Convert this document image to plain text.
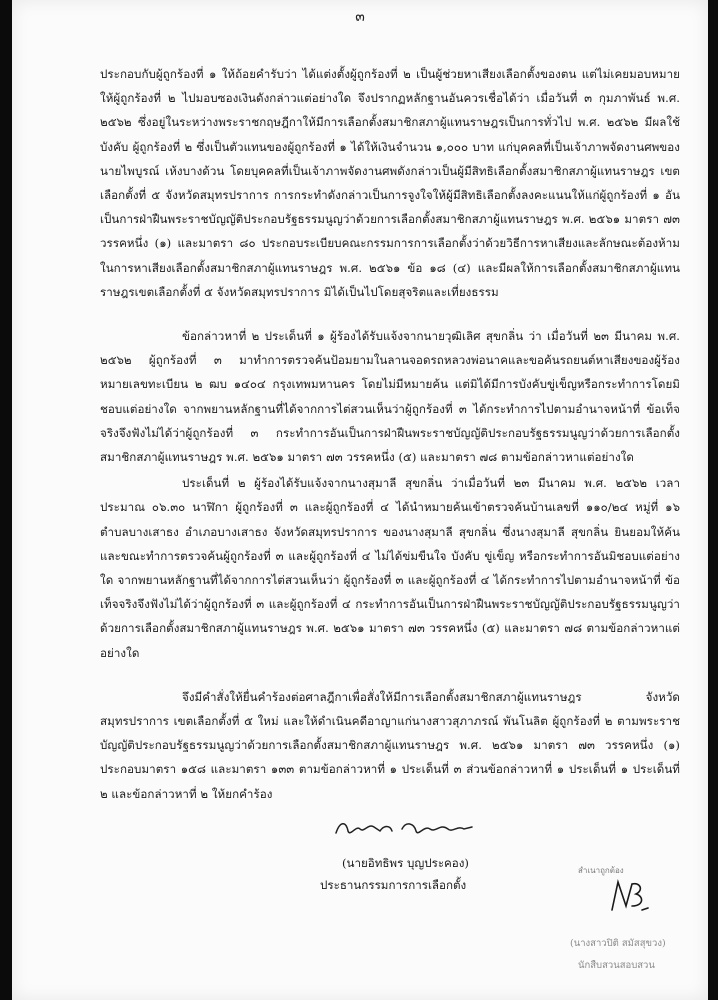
๓

ประกอบกับผู้ถูกร้องที่ ๑ ให้ถ้อยคำรับว่า ได้แต่งตั้งผู้ถูกร้องที่ ๒ เป็นผู้ช่วยหาเสียงเลือกตั้งของตน แต่ไม่เคยมอบหมายให้ผู้ถูกร้องที่ ๒ ไปมอบซองเงินดังกล่าวแต่อย่างใด จึงปรากฏหลักฐานอันควรเชื่อได้ว่า เมื่อวันที่ ๓ กุมภาพันธ์ พ.ศ. ๒๕๖๒ ซึ่งอยู่ในระหว่างพระราชกฤษฎีกาให้มีการเลือกตั้งสมาชิกสภาผู้แทนราษฎรเป็นการทั่วไป พ.ศ. ๒๕๖๒ มีผลใช้บังคับ ผู้ถูกร้องที่ ๒ ซึ่งเป็นตัวแทนของผู้ถูกร้องที่ ๑ ได้ให้เงินจำนวน ๑,๐๐๐ บาท แก่บุคคลที่เป็นเจ้าภาพจัดงานศพของนายไพบูรณ์ เห้งบางด้วน โดยบุคคลที่เป็นเจ้าภาพจัดงานศพดังกล่าวเป็นผู้มีสิทธิเลือกตั้งสมาชิกสภาผู้แทนราษฎร เขตเลือกตั้งที่ ๕ จังหวัดสมุทรปราการ การกระทำดังกล่าวเป็นการจูงใจให้ผู้มีสิทธิเลือกตั้งลงคะแนนให้แก่ผู้ถูกร้องที่ ๑ อันเป็นการฝ่าฝืนพระราชบัญญัติประกอบรัฐธรรมนูญว่าด้วยการเลือกตั้งสมาชิกสภาผู้แทนราษฎร พ.ศ. ๒๕๖๑ มาตรา ๗๓ วรรคหนึ่ง (๑) และมาตรา ๘๐ ประกอบระเบียบคณะกรรมการการเลือกตั้งว่าด้วยวิธีการหาเสียงและลักษณะต้องห้ามในการหาเสียงเลือกตั้งสมาชิกสภาผู้แทนราษฎร พ.ศ. ๒๕๖๑ ข้อ ๑๘ (๔) และมีผลให้การเลือกตั้งสมาชิกสภาผู้แทนราษฎรเขตเลือกตั้งที่ ๕ จังหวัดสมุทรปราการ มิได้เป็นไปโดยสุจริตและเที่ยงธรรม

ข้อกล่าวหาที่ ๒ ประเด็นที่ ๑ ผู้ร้องได้รับแจ้งจากนายวุฒิเลิศ สุขกลิ่น ว่า เมื่อวันที่ ๒๓ มีนาคม พ.ศ. ๒๕๖๒ ผู้ถูกร้องที่ ๓ มาทำการตรวจค้นป้อมยามในลานจอดรถหลวงพ่อนาคและขอค้นรถยนต์หาเสียงของผู้ร้อง หมายเลขทะเบียน ๒ ฒบ ๑๔๐๔ กรุงเทพมหานคร โดยไม่มีหมายค้น แต่มิได้มีการบังคับขู่เข็ญหรือกระทำการโดยมิชอบแต่อย่างใด จากพยานหลักฐานที่ได้จากการไต่สวนเห็นว่าผู้ถูกร้องที่ ๓ ได้กระทำการไปตามอำนาจหน้าที่ ข้อเท็จจริงจึงฟังไม่ได้ว่าผู้ถูกร้องที่ ๓ กระทำการอันเป็นการฝ่าฝืนพระราชบัญญัติประกอบรัฐธรรมนูญว่าด้วยการเลือกตั้งสมาชิกสภาผู้แทนราษฎร พ.ศ. ๒๕๖๑ มาตรา ๗๓ วรรคหนึ่ง (๕) และมาตรา ๗๘ ตามข้อกล่าวหาแต่อย่างใด

ประเด็นที่ ๒ ผู้ร้องได้รับแจ้งจากนางสุมาลี สุขกลิ่น ว่าเมื่อวันที่ ๒๓ มีนาคม พ.ศ. ๒๕๖๒ เวลาประมาณ ๐๖.๓๐ นาฬิกา ผู้ถูกร้องที่ ๓ และผู้ถูกร้องที่ ๔ ได้นำหมายค้นเข้าตรวจค้นบ้านเลขที่ ๑๑๐/๒๔ หมู่ที่ ๑๖ ตำบลบางเสาธง อำเภอบางเสาธง จังหวัดสมุทรปราการ ของนางสุมาลี สุขกลิ่น ซึ่งนางสุมาลี สุขกลิ่น ยินยอมให้ค้นและขณะทำการตรวจค้นผู้ถูกร้องที่ ๓ และผู้ถูกร้องที่ ๔ ไม่ได้ข่มขืนใจ บังคับ ขู่เข็ญ หรือกระทำการอันมิชอบแต่อย่างใด จากพยานหลักฐานที่ได้จากการไต่สวนเห็นว่า ผู้ถูกร้องที่ ๓ และผู้ถูกร้องที่ ๔ ได้กระทำการไปตามอำนาจหน้าที่ ข้อเท็จจริงจึงฟังไม่ได้ว่าผู้ถูกร้องที่ ๓ และผู้ถูกร้องที่ ๔ กระทำการอันเป็นการฝ่าฝืนพระราชบัญญัติประกอบรัฐธรรมนูญว่าด้วยการเลือกตั้งสมาชิกสภาผู้แทนราษฎร พ.ศ. ๒๕๖๑ มาตรา ๗๓ วรรคหนึ่ง (๕) และมาตรา ๗๘ ตามข้อกล่าวหาแต่อย่างใด

จึงมีคำสั่งให้ยื่นคำร้องต่อศาลฎีกาเพื่อสั่งให้มีการเลือกตั้งสมาชิกสภาผู้แทนราษฎร จังหวัดสมุทรปราการ เขตเลือกตั้งที่ ๕ ใหม่ และให้ดำเนินคดีอาญาแก่นางสาวสุภาภรณ์ พันโนลิต ผู้ถูกร้องที่ ๒ ตามพระราชบัญญัติประกอบรัฐธรรมนูญว่าด้วยการเลือกตั้งสมาชิกสภาผู้แทนราษฎร พ.ศ. ๒๕๖๑ มาตรา ๗๓ วรรคหนึ่ง (๑) ประกอบมาตรา ๑๕๘ และมาตรา ๑๓๓ ตามข้อกล่าวหาที่ ๑ ประเด็นที่ ๓ ส่วนข้อกล่าวหาที่ ๑ ประเด็นที่ ๑ ประเด็นที่ ๒ และข้อกล่าวหาที่ ๒ ให้ยกคำร้อง

(นายอิทธิพร บุญประคอง)
ประธานกรรมการการเลือกตั้ง
สำเนาถูกต้อง
(นางสาวปิติ สมัสสุขวง)
นักสืบสวนสอบสวน
